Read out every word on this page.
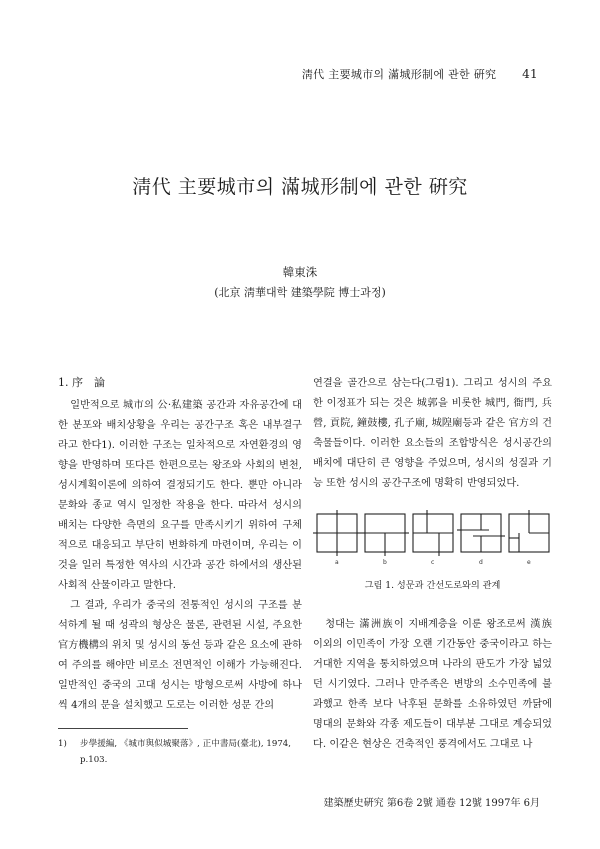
淸代 主要城市의 滿城形制에 관한 硏究 41
淸代 主要城市의 滿城形制에 관한 硏究
韓東洙
(北京 淸華대학 建築學院 博士과정)
1. 序　論

일반적으로 城市의 公·私建築 공간과 자유공간에 대한 분포와 배치상황을 우리는 공간구조 혹은 내부결구라고 한다1). 이러한 구조는 일차적으로 자연환경의 영향을 반영하며 또다른 한편으로는 왕조와 사회의 변천, 성시계획이론에 의하여 결정되기도 한다. 뿐만 아니라 문화와 종교 역시 일정한 작용을 한다. 따라서 성시의 배치는 다양한 측면의 요구를 만족시키기 위하여 구체적으로 대응되고 부단히 변화하게 마련이며, 우리는 이것을 일러 특정한 역사의 시간과 공간 하에서의 생산된 사회적 산물이라고 말한다.

그 결과, 우리가 중국의 전통적인 성시의 구조를 분석하게 될 때 성곽의 형상은 물론, 관련된 시설, 주요한 官方機構의 위치 및 성시의 동선 등과 같은 요소에 관하여 주의를 해야만 비로소 전면적인 이해가 가능해진다. 일반적인 중국의 고대 성시는 방형으로써 사방에 하나씩 4개의 문을 설치했고 도로는 이러한 성문 간의

연결을 골간으로 삼는다(그림1). 그리고 성시의 주요한 이정표가 되는 것은 城郭을 비롯한 城門, 衙門, 兵營, 貢院, 鐘鼓樓, 孔子廟, 城隍廟등과 같은 官方의 건축물들이다. 이러한 요소들의 조합방식은 성시공간의 배치에 대단히 큰 영향을 주었으며, 성시의 성질과 기능 또한 성시의 공간구조에 명확히 반영되었다.

a	b	c	d	e
그림 1. 성문과 간선도로와의 관계

청대는 滿洲族이 지배계층을 이룬 왕조로써 漢族 이외의 이민족이 가장 오랜 기간동안 중국이라고 하는 거대한 지역을 통치하였으며 나라의 판도가 가장 넓었던 시기였다. 그러나 만주족은 변방의 소수민족에 불과했고 한족 보다 낙후된 문화를 소유하였던 까닭에 명대의 문화와 각종 제도들이 대부분 그대로 계승되었다. 이같은 현상은 건축적인 풍격에서도 그대로 나

1) 步學援編, 《城市與似城聚落》, 正中書局(臺北), 1974, p.103.
建築歷史硏究 第6卷 2號 通卷 12號 1997年 6月
